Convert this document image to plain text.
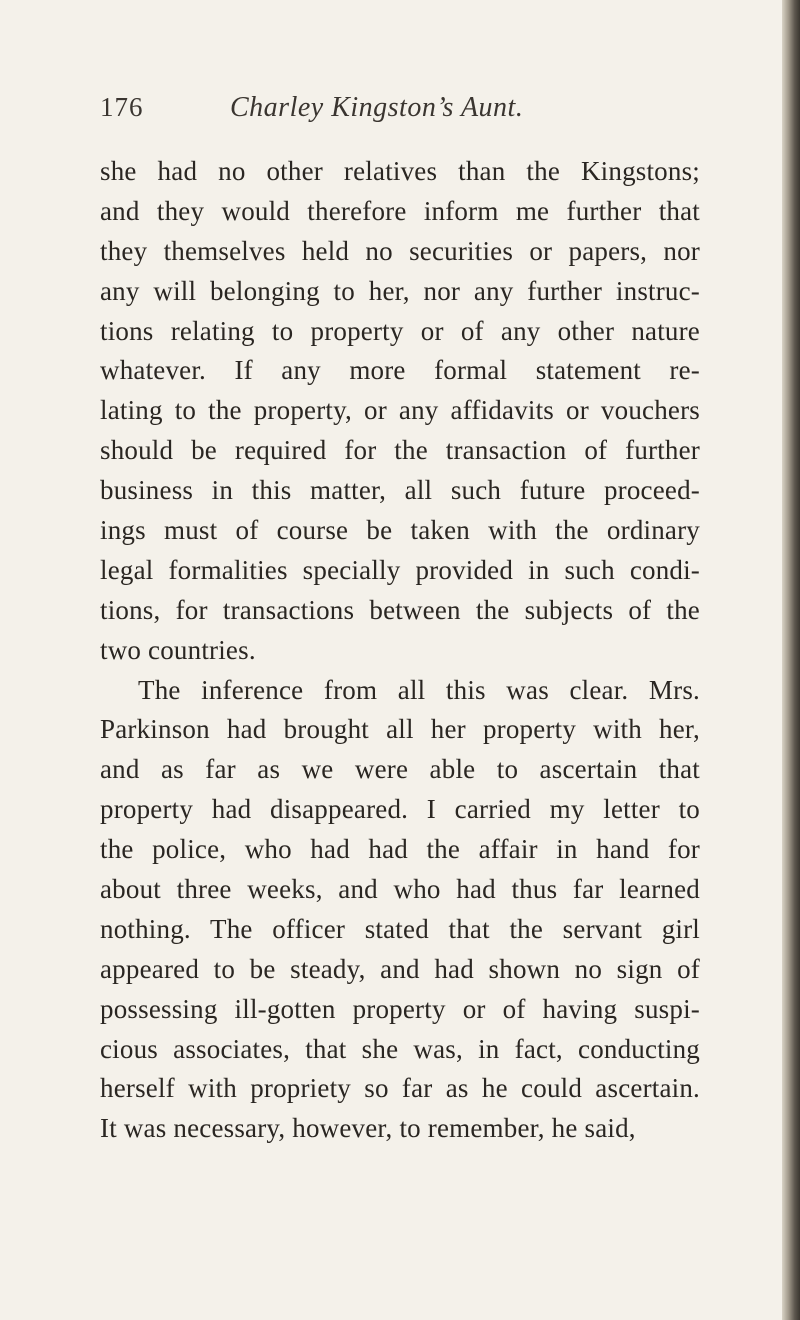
176	Charley Kingston’s Aunt.
she had no other relatives than the Kingstons;
and they would therefore inform me further that
they themselves held no securities or papers, nor
any will belonging to her, nor any further instruc-
tions relating to property or of any other nature
whatever. If any more formal statement re-
lating to the property, or any affidavits or vouchers
should be required for the transaction of further
business in this matter, all such future proceed-
ings must of course be taken with the ordinary
legal formalities specially provided in such condi-
tions, for transactions between the subjects of the
two countries.
The inference from all this was clear. Mrs.
Parkinson had brought all her property with her,
and as far as we were able to ascertain that
property had disappeared. I carried my letter to
the police, who had had the affair in hand for
about three weeks, and who had thus far learned
nothing. The officer stated that the servant girl
appeared to be steady, and had shown no sign of
possessing ill-gotten property or of having suspi-
cious associates, that she was, in fact, conducting
herself with propriety so far as he could ascertain.
It was necessary, however, to remember, he said,
